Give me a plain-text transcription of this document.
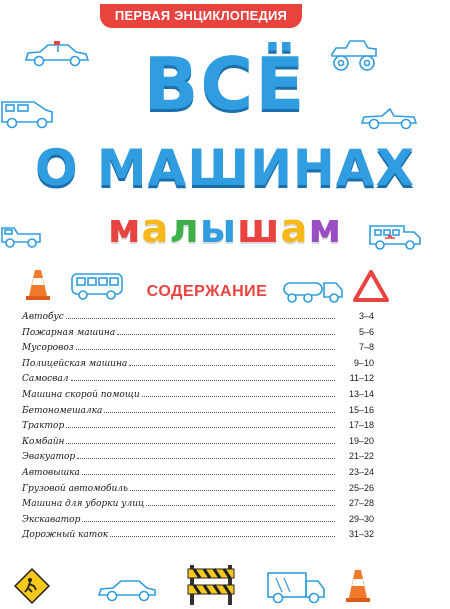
ПЕРВАЯ ЭНЦИКЛОПЕДИЯ
ВСЁ
О МАШИНАХ
малышам
СОДЕРЖАНИЕ
Автобус	3–4
Пожарная машина	5–6
Мусоровоз	7–8
Полицейская машина	9–10
Самосвал	11–12
Машина скорой помощи	13–14
Бетономешалка	15–16
Трактор	17–18
Комбайн	19–20
Эвакуатор	21–22
Автовышка	23–24
Грузовой автомобиль	25–26
Машина для уборки улиц	27–28
Экскаватор	29–30
Дорожный каток	31–32
